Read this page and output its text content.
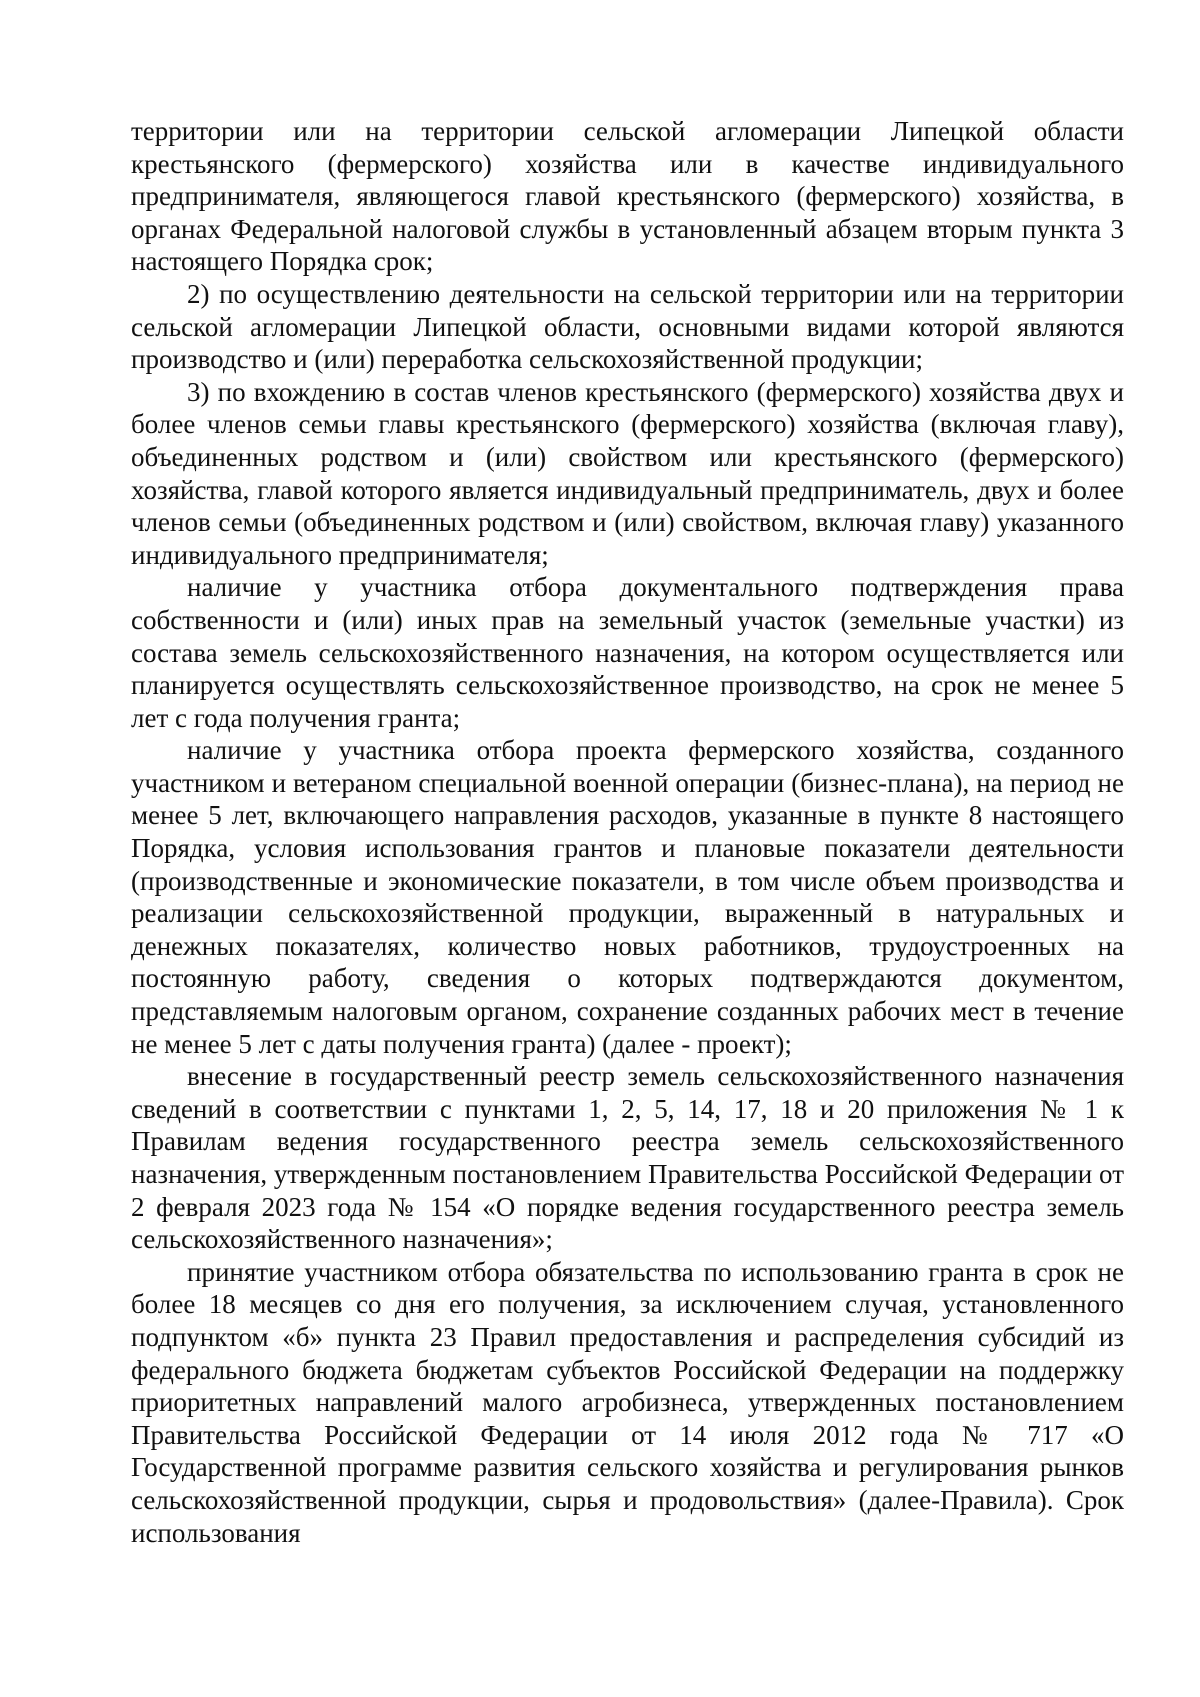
территории или на территории сельской агломерации Липецкой области крестьянского (фермерского) хозяйства или в качестве индивидуального предпринимателя, являющегося главой крестьянского (фермерского) хозяйства, в органах Федеральной налоговой службы в установленный абзацем вторым пункта 3 настоящего Порядка срок;

2) по осуществлению деятельности на сельской территории или на территории сельской агломерации Липецкой области, основными видами которой являются производство и (или) переработка сельскохозяйственной продукции;

3) по вхождению в состав членов крестьянского (фермерского) хозяйства двух и более членов семьи главы крестьянского (фермерского) хозяйства (включая главу), объединенных родством и (или) свойством или крестьянского (фермерского) хозяйства, главой которого является индивидуальный предприниматель, двух и более членов семьи (объединенных родством и (или) свойством, включая главу) указанного индивидуального предпринимателя;

наличие у участника отбора документального подтверждения права собственности и (или) иных прав на земельный участок (земельные участки) из состава земель сельскохозяйственного назначения, на котором осуществляется или планируется осуществлять сельскохозяйственное производство, на срок не менее 5 лет с года получения гранта;

наличие у участника отбора проекта фермерского хозяйства, созданного участником и ветераном специальной военной операции (бизнес-плана), на период не менее 5 лет, включающего направления расходов, указанные в пункте 8 настоящего Порядка, условия использования грантов и плановые показатели деятельности (производственные и экономические показатели, в том числе объем производства и реализации сельскохозяйственной продукции, выраженный в натуральных и денежных показателях, количество новых работников, трудоустроенных на постоянную работу, сведения о которых подтверждаются документом, представляемым налоговым органом, сохранение созданных рабочих мест в течение не менее 5 лет с даты получения гранта) (далее - проект);

внесение в государственный реестр земель сельскохозяйственного назначения сведений в соответствии с пунктами 1, 2, 5, 14, 17, 18 и 20 приложения № 1 к Правилам ведения государственного реестра земель сельскохозяйственного назначения, утвержденным постановлением Правительства Российской Федерации от 2 февраля 2023 года № 154 «О порядке ведения государственного реестра земель сельскохозяйственного назначения»;

принятие участником отбора обязательства по использованию гранта в срок не более 18 месяцев со дня его получения, за исключением случая, установленного подпунктом «б» пункта 23 Правил предоставления и распределения субсидий из федерального бюджета бюджетам субъектов Российской Федерации на поддержку приоритетных направлений малого агробизнеса, утвержденных постановлением Правительства Российской Федерации от 14 июля 2012 года № 717 «О Государственной программе развития сельского хозяйства и регулирования рынков сельскохозяйственной продукции, сырья и продовольствия» (далее-Правила). Срок использования
